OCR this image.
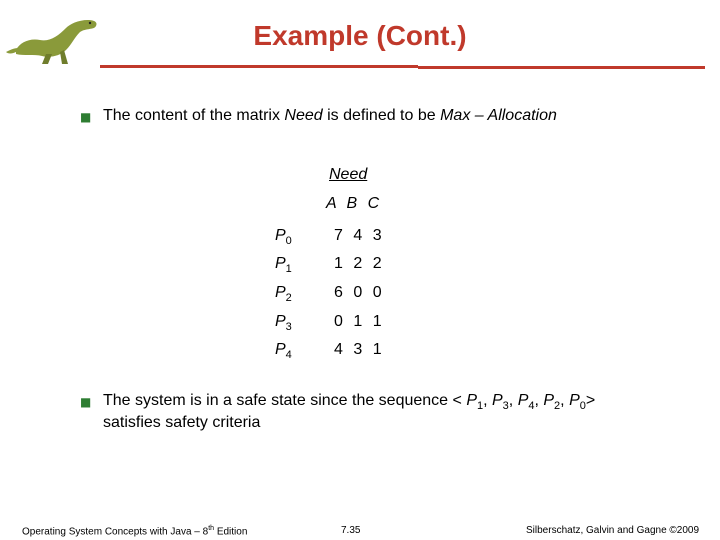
Example (Cont.)
■ The content of the matrix Need is defined to be Max – Allocation
Need
A B C
$P_0$	7 4 3
$P_1$	1 2 2
$P_2$	6 0 0
$P_3$	0 1 1
$P_4$	4 3 1
■ The system is in a safe state since the sequence < $P_1$, $P_3$, $P_4$, $P_2$, $P_0>$
satisfies safety criteria
Operating System Concepts with Java – 8th Edition	7.35	Silberschatz, Galvin and Gagne ©2009
